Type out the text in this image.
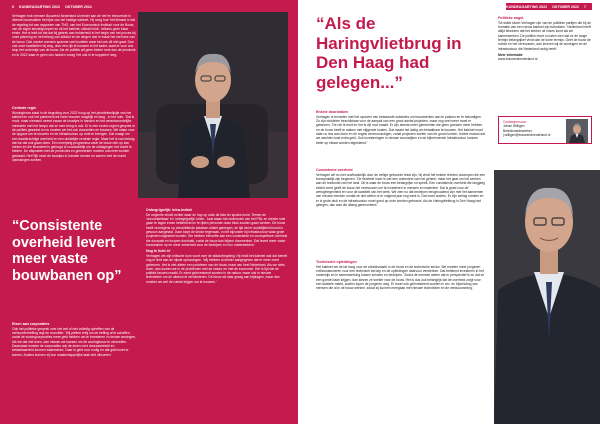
6 KUNDEAGARTING 2022 OKTOBER 2022
Verhagen trok mensen Bouwend Nederland al eerder aan de hef en benoemde in diverse bouwvakten het tijds van het haldige kabinet. Hij noeg hoe 'het klimaat in dat de regeling tot van rapporten van TNO, van het Economisch Instituut voor de Bouw, van de eigen sleutelgroepen en uit het kabinet, stikstof leidt - telkens geen klaar einde. Het is leidt tot dat dat bij gebrek aan helderheid in het begin van het proces bij onze planning en het belang van stikstof en de dingen doe in maak het met lans van de bouw. Ook zonder mensen spanner veel inzetten waar het ook dit niet gaat. Dan ook onze kwaliteiten bij weg, door een rijk te bouwen in het kader, want er voor ons stop het onderwijs van de bouw. Als de politiek wil geen betere nest dan de provincie en in 2022 waar er geen ons hadden vraag ‘het ook in te koppelen’ weg.
Centrale regie
Woningbouw staat in de begroting voor 2022 hoog op het prioriteitenlijstje van het kabinet en ook het parlement wil meer bouwen mogelijk en laag - in het ruim. 'Dat is mooi, maar niemand neemt zwaar de touwtjes in handen en het verantwoordelijke ministerie met het tempo dat ze mee terug is ook. Er is een enorm urgent gesprek in de politiek geweest en nu moeten we het ook doorzetten en bouwen. We staan voor de opgave om te bouwen en de infrastructuur op orde te brengen. Dat vraagt om een daadkrachtige overheid en een duidelijke centrale regie. Maar het is van belang dat we dat ook gaan doen. Een meerjarig programma waar de bouw zich op kan richten en die financieel is geborgd is noodzakelijk om de uitdagingen het hoofd te bieden. De afspraken met de provincies en gemeenten moeten concreet worden gemaakt. Het Rijk moet de touwtjes in handen nemen en samen met de markt oplossingen zoeken.
“Consistente overheid levert meer vaste bouwbanen op”
Eisen aan corporaties
Ook het politieke gesprek over het wel of niet volledig opheffen van de verhuurderheffing regt de voorzitter. 'Wij pleiten erbij om de heffing af te schaffen, zodat de woningcorporaties meer geld hebben om te investeren in nieuwe woningen. Als we dat niet doen, dan missen we kansen om de woningbouw te versnellen. Daarnaast moeten de corporaties ook de eisen rond duurzaamheid en betaalbaarheid kunnen waarmaken. Daar is geld voor nodig en dat geld moet er komen. Anders kunnen zij hun maatschappelijke taak niet uitvoeren.'
Onbegrijpelijk: intra-indeid
De originele shoek echter waar de hop op ooks de lists ter spraks komt. Ternen de 'onvoorstelbaar' en 'onbegrijpelijk'-rollen. 'Laat staan het onderzoek van het PBL en minder snel gaan te lagen ervan helderheid en te rijden personen daar thuis zouden gaan werken. De bouw heeft vervolgens op verschillende plaatsen uitstel gekregen, de tijd dat er duidelijkheid komt is gewoon aangetast. Daar loopt de sector tegenaan, in het bijzonder bij infrastructuur waar grote projecten uitgesteld worden. We hebben behoefte aan een consistente en voorspelbare overheid die doorpakt en knopen doorhakt, zodat de bouw kan blijven doorwerken. Dat levert meer vaste bouwbanen op en meer zekerheid voor de bedrijven en hun medewerkers.'
Nog te licht in'
Verhagen zet zijn kritische toon voort over de stikstofregeling. Hij vindt het kabinet wat dat betreft nog te licht aan de rijkste oplossingen. 'Wij hebben al eerder aangegeven dat er meer moet gebeuren. Het is niet alleen een probleem van de bouw, maar van heel Nederland. Als we niets doen, dan komen we in de problemen met de natuur en met de economie. Het is tijd dat de politiek keuzes maakt. Er moet geïnvesteerd worden in de natuur, maar ook in nieuwe technieken om de uitstoot te verminderen. De bouw wil daar graag aan bijdragen, maar dan moeten we wel de ruimte krijgen om te bouwen.'
KUNDEAGARTING 2022 OKTOBER 2022 7
“Als de Haringvlietbrug in Den Haag had gelegen...”
Enkele doorbraken
Verhagen is tevreden met het opnoem van bestaande subsidies om bouwwerken aan te pakken en te bekostigen. Zo zijn middelen beschikbaar voor de aanpak van een groot aantal projecten, maar nog veel meer moet er gebeuren. 'De rek is eruit en het is vijf voor twaalf. Er zijn steeds meer gemeenten die geen gronden meer hebben en de bouw heeft te maken met stijgende kosten. Dat maakt het lastig om betaalbaar te bouwen. Het kabinet moet daar nu iets aan doen en de regels vereenvoudigen, zodat projecten sneller van de grond komen. Iedere maand dat we wachten kost extra geld. Ook investeringen in nieuwe woonwijken en de bijbehorende infrastructuur kunnen beter op elkaar worden afgestemd.'
Consistente overheid
Verhagen wil nu niet onafhankelijk door de veilige geboorde tekst zijn, hij vindt het enkele rechten doorlopen die een bouwpraktijk zijn beginnen. 'De flexibele inzet is wel een onderdeel van het geheel, maar het gaat om het werken aan de toekomst van het land. Dit is waar de bouw een belangrijke rol speelt. Een consistente overheid die langjarig beleid voert geeft de bouw het vertrouwen om te investeren in mensen en materieel. Dat is goed voor de werkgelegenheid en voor de kwaliteit van het werk. We zien nu dat bedrijven terughoudend zijn met het aannemen van nieuwe mensen omdat ze niet weten of er volgend jaar nog werk is. Dat moet anders. Er zijn weinig ruimtes en er is grote druk en de infrastructuur moet goed op orde worden gebracht. Als de Haringvlietbrug in Den Haag had gelegen, dan was die allang gerenoveerd.'
Technische opleidingen
Het kabinet zet de lat hoog voor de arbeidsmarkt in de bouw en de technische sector. We moeten meer jongeren enthousiasmeren voor een technisch beroep en de opleidingen daarvoor versterken. Dat betekent investeren in het onderwijs en in samenwerking tussen scholen en bedrijven. 'Zodra de mensen weten dat er perspectief is en dat ze een goede baan krijgen, dan kiezen ze sneller voor de bouw. Het is dus ook belangrijk dat de overheid zorgt voor een stabiele markt, anders lopen de jongeren weg. Er moet ook geïnvesteerd worden in om- en bijscholing van mensen die al in de bouw werken, zodat zij kunnen meegaan met nieuwe technieken en de verduurzaming.'
Politieke angst
Tot slotte stoort Verhagen zijn van de politieke partijen die bij de formatie van een nieuw kabinet zijn betrokken. 'Nederland heeft altijd bewezen dat het sterker uit crises komt als we samenwerken. De politiek moet nu laten zien dat ze de lange termijn belangrijker vindt dan de korte termijn. Geef de bouw de ruimte en het vertrouwen, dan leveren wij de woningen en de infrastructuur die Nederland nodig heeft.'
Meer informatie
www.bouwendnederland.nl
Contactpersoon
Johan Willigen
Beleidsmedewerker
j.willigen@bouwendnederland.nl
